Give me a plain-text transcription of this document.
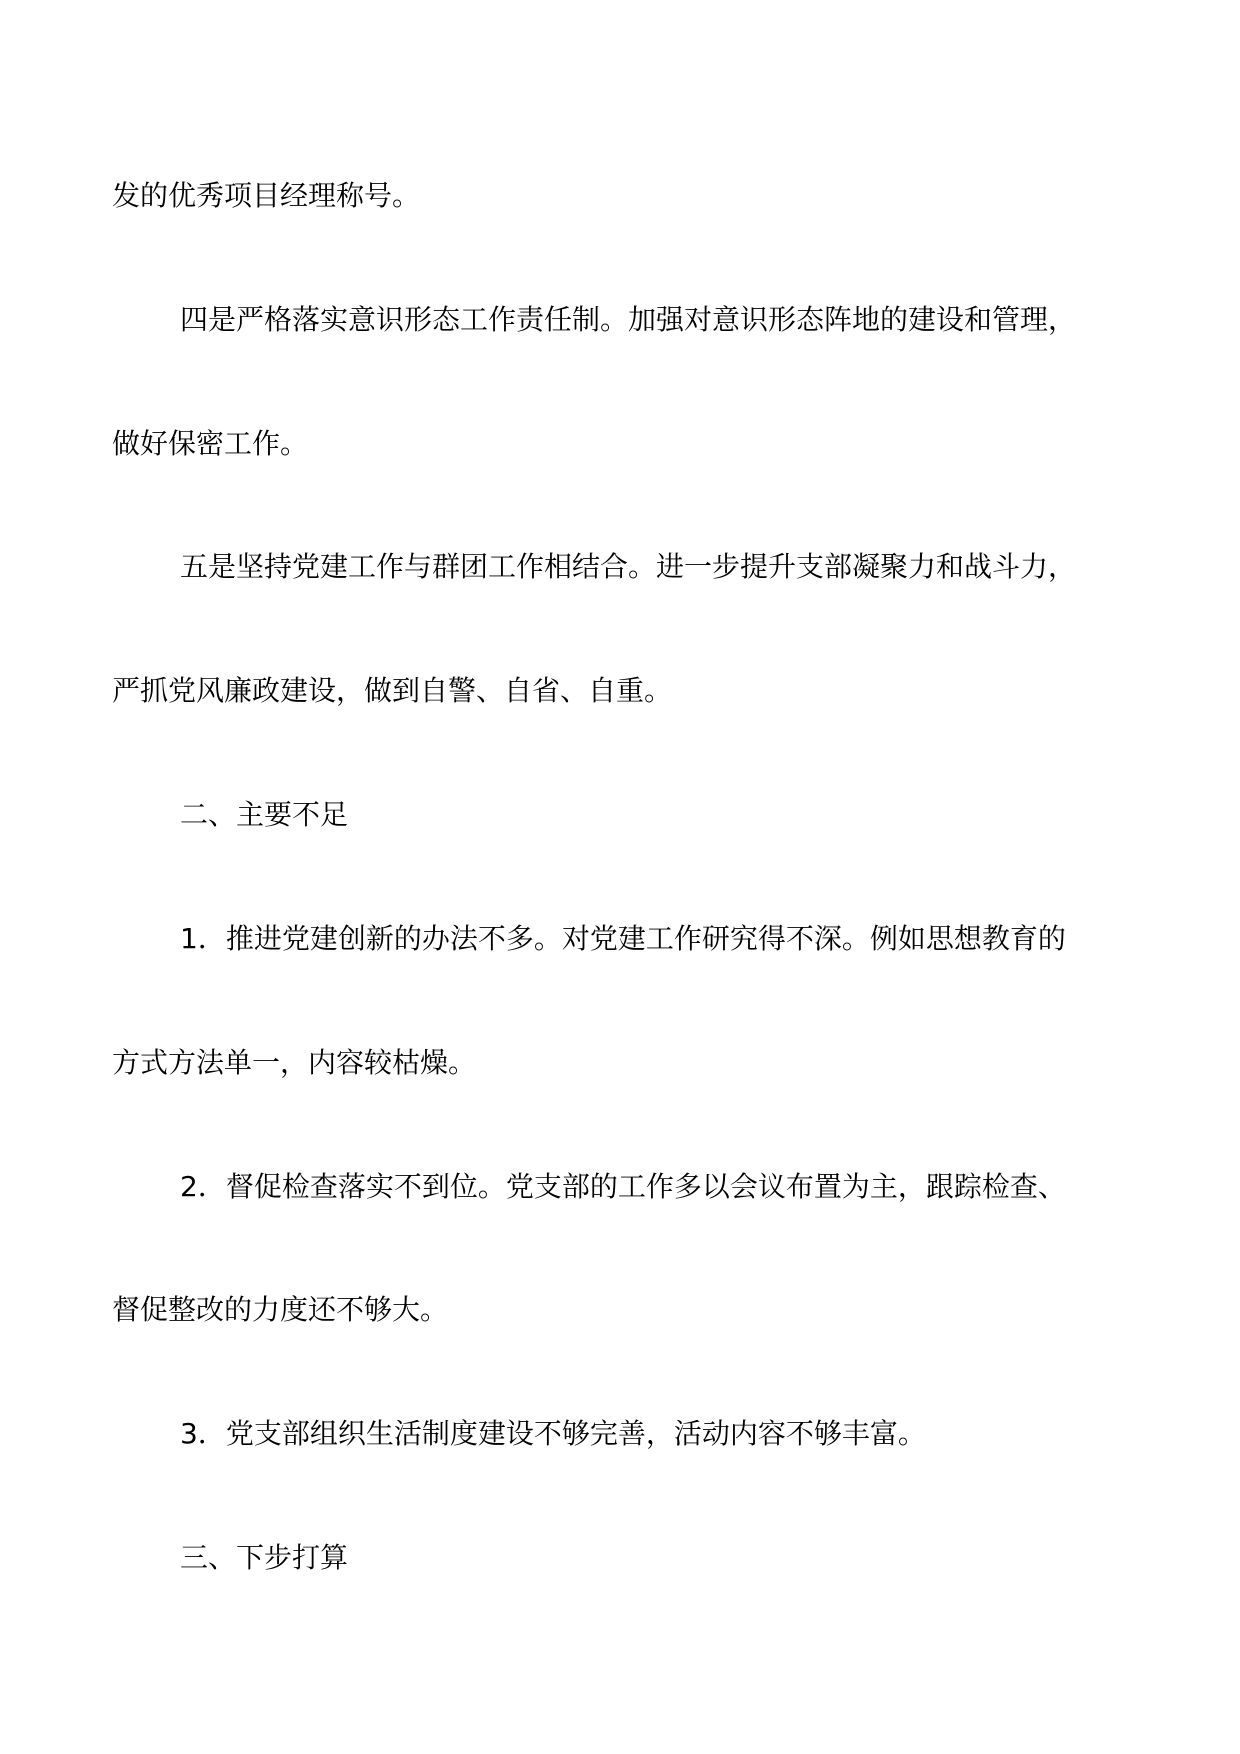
发的优秀项目经理称号。
四是严格落实意识形态工作责任制。加强对意识形态阵地的建设和管理，
做好保密工作。
五是坚持党建工作与群团工作相结合。进一步提升支部凝聚力和战斗力，
严抓党风廉政建设，做到自警、自省、自重。
二、主要不足
1．推进党建创新的办法不多。对党建工作研究得不深。例如思想教育的
方式方法单一，内容较枯燥。
2．督促检查落实不到位。党支部的工作多以会议布置为主，跟踪检查、
督促整改的力度还不够大。
3．党支部组织生活制度建设不够完善，活动内容不够丰富。
三、下步打算
